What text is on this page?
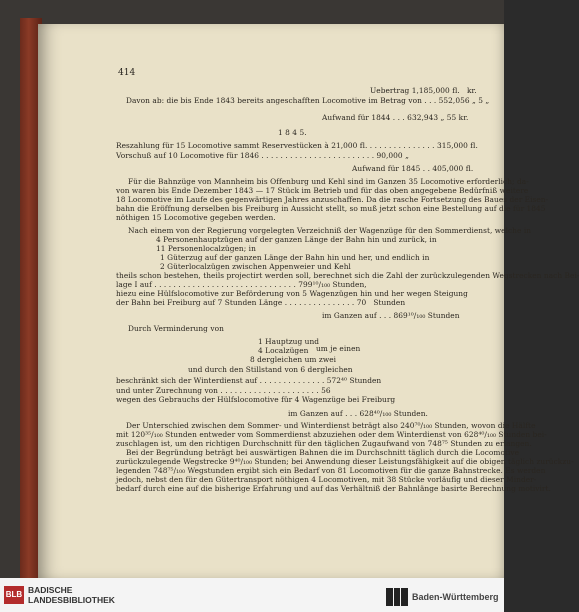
414
Uebertrag 1,185,000 fl.   kr.
Davon ab: die bis Ende 1843 bereits angeschafften Locomotive im Betrag von . . . 552,056 „ 5 „
Aufwand für 1844 . . . 632,943 „ 55 kr.
1 8 4 5.
Reszahlung für 15 Locomotive sammt Reservestücken à 21,000 fl. . . . . . . . . . . . . . . 315,000 fl.
Vorschuß auf 10 Locomotive für 1846 . . . . . . . . . . . . . . . . . . . . . . . . 90,000 „
Aufwand für 1845 . . 405,000 fl.
Für die Bahnzüge von Mannheim bis Offenburg und Kehl sind im Ganzen 35 Locomotive erforderlich; da-
von waren bis Ende Dezember 1843 — 17 Stück im Betrieb und für das oben angegebene Bedürfniß weitere
18 Locomotive im Laufe des gegenwärtigen Jahres anzuschaffen. Da die rasche Fortsetzung des Baues der Eisen-
bahn die Eröffnung derselben bis Freiburg in Aussicht stellt, so muß jetzt schon eine Bestellung auf die für 1845
nöthigen 15 Locomotive gegeben werden.
Nach einem von der Regierung vorgelegten Verzeichniß der Wagenzüge für den Sommerdienst, welche in
4 Personenhauptzügen auf der ganzen Länge der Bahn hin und zurück, in
11 Personenlocalzügen; in
1 Güterzug auf der ganzen Länge der Bahn hin und her, und endlich in
2 Güterlocalzügen zwischen Appenweier und Kehl
theils schon bestehen, theils projectirt werden soll, berechnet sich die Zahl der zurückzulegenden Wegstrecken nach Bei-
lage I auf . . . . . . . . . . . . . . . . . . . . . . . . . . . . . . 799¹⁰/₁₀₀ Stunden,
hiezu eine Hülfslocomotive zur Beförderung von 5 Wagenzügen hin und her wegen Steigung
der Bahn bei Freiburg auf 7 Stunden Länge . . . . . . . . . . . . . . . 70   Stunden
im Ganzen auf . . . 869¹⁰/₁₀₀ Stunden
Durch Verminderung von
1 Hauptzug und
4 Localzügen
8 dergleichen um zwei
um je einen
und durch den Stillstand von 6 dergleichen
beschränkt sich der Winterdienst auf . . . . . . . . . . . . . . 572⁴⁰ Stunden
und unter Zurechnung von . . . . . . . . . . . . . . . . . . . . . 56
wegen des Gebrauchs der Hülfslocomotive für 4 Wagenzüge bei Freiburg
im Ganzen auf . . . 628⁴⁰/₁₀₀ Stunden.
Der Unterschied zwischen dem Sommer- und Winterdienst beträgt also 240⁷⁰/₁₀₀ Stunden, wovon die Hälfte
mit 120³⁵/₁₀₀ Stunden entweder vom Sommerdienst abzuziehen oder dem Winterdienst von 628⁴⁰/₁₀₀ Stunden bei-
zuschlagen ist, um den richtigen Durchschnitt für den täglichen Zugaufwand von 748⁷⁵ Stunden zu erlangen.
Bei der Begründung beträgt bei auswärtigen Bahnen die im Durchschnitt täglich durch die Locomotive
zurückzulegende Wegstrecke 9⁴⁰/₁₀₀ Stunden; bei Anwendung dieser Leistungsfähigkeit auf die obigen täglich zurückzu-
legenden 748⁷⁵/₁₀₀ Wegstunden ergibt sich ein Bedarf von 81 Locomotiven für die ganze Bahnstrecke. Es werden
jedoch, nebst den für den Gütertransport nöthigen 4 Locomotiven, mit 38 Stücke vorläufig und dieser Minder-
bedarf durch eine auf die bisherige Erfahrung und auf das Verhältniß der Bahnlänge basirte Berechnung motivirt.
BLB BADISCHE
LANDESBIBLIOTHEK	Baden-Württemberg
